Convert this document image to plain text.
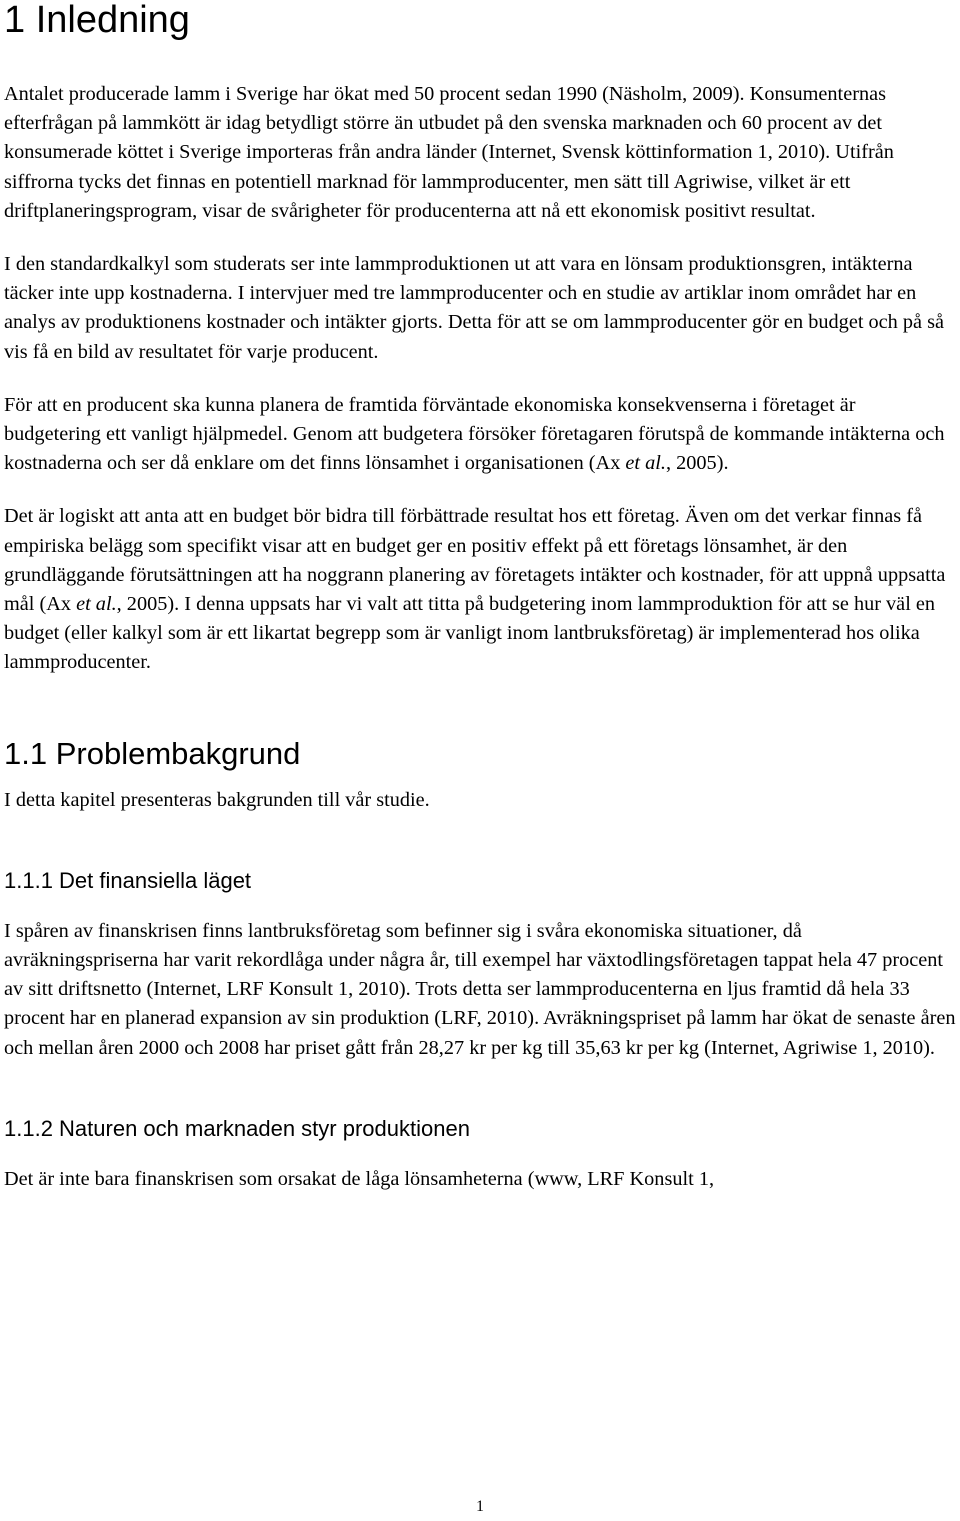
1 Inledning

Antalet producerade lamm i Sverige har ökat med 50 procent sedan 1990 (Näsholm, 2009). Konsumenternas efterfrågan på lammkött är idag betydligt större än utbudet på den svenska marknaden och 60 procent av det konsumerade köttet i Sverige importeras från andra länder (Internet, Svensk köttinformation 1, 2010). Utifrån siffrorna tycks det finnas en potentiell marknad för lammproducenter, men sätt till Agriwise, vilket är ett driftplaneringsprogram, visar de svårigheter för producenterna att nå ett ekonomisk positivt resultat.

I den standardkalkyl som studerats ser inte lammproduktionen ut att vara en lönsam produktionsgren, intäkterna täcker inte upp kostnaderna. I intervjuer med tre lammproducenter och en studie av artiklar inom området har en analys av produktionens kostnader och intäkter gjorts. Detta för att se om lammproducenter gör en budget och på så vis få en bild av resultatet för varje producent.

För att en producent ska kunna planera de framtida förväntade ekonomiska konsekvenserna i företaget är budgetering ett vanligt hjälpmedel. Genom att budgetera försöker företagaren förutspå de kommande intäkterna och kostnaderna och ser då enklare om det finns lönsamhet i organisationen (Ax et al., 2005).

Det är logiskt att anta att en budget bör bidra till förbättrade resultat hos ett företag. Även om det verkar finnas få empiriska belägg som specifikt visar att en budget ger en positiv effekt på ett företags lönsamhet, är den grundläggande förutsättningen att ha noggrann planering av företagets intäkter och kostnader, för att uppnå uppsatta mål (Ax et al., 2005). I denna uppsats har vi valt att titta på budgetering inom lammproduktion för att se hur väl en budget (eller kalkyl som är ett likartat begrepp som är vanligt inom lantbruksföretag) är implementerad hos olika lammproducenter.

1.1 Problembakgrund

I detta kapitel presenteras bakgrunden till vår studie.

1.1.1 Det finansiella läget

I spåren av finanskrisen finns lantbruksföretag som befinner sig i svåra ekonomiska situationer, då avräkningspriserna har varit rekordlåga under några år, till exempel har växtodlingsföretagen tappat hela 47 procent av sitt driftsnetto (Internet, LRF Konsult 1, 2010). Trots detta ser lammproducenterna en ljus framtid då hela 33 procent har en planerad expansion av sin produktion (LRF, 2010). Avräkningspriset på lamm har ökat de senaste åren och mellan åren 2000 och 2008 har priset gått från 28,27 kr per kg till 35,63 kr per kg (Internet, Agriwise 1, 2010).

1.1.2 Naturen och marknaden styr produktionen

Det är inte bara finanskrisen som orsakat de låga lönsamheterna (www, LRF Konsult 1,

1
